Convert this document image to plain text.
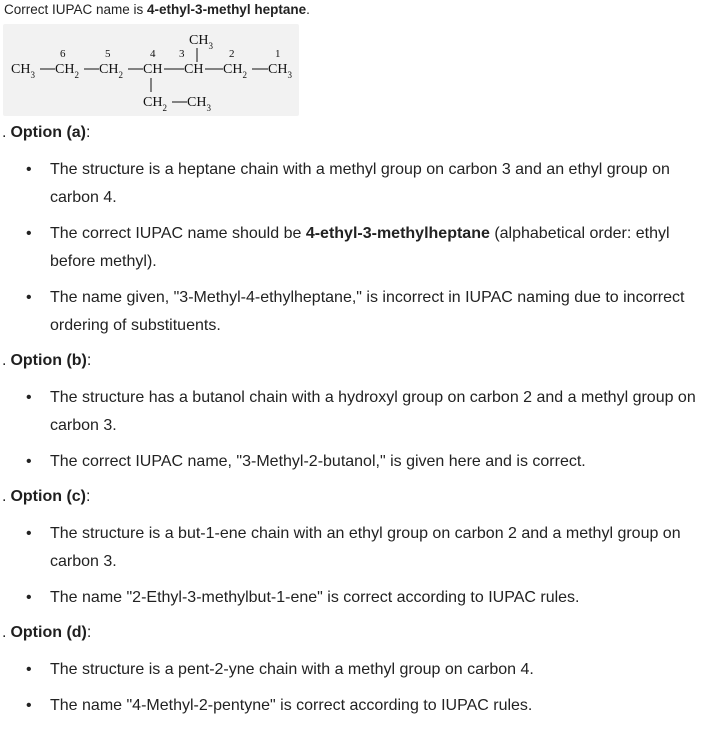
Correct IUPAC name is 4-ethyl-3-methyl heptane.
$CH_3$
6	5	4 3	2	1
$CH_3$ $CH_2$ $CH_2$ CH CH $CH_2$ $CH_3$
$CH_2$ $CH_3$
. Option (a):
• The structure is a heptane chain with a methyl group on carbon 3 and an ethyl group on carbon 4.
• The correct IUPAC name should be 4-ethyl-3-methylheptane (alphabetical order: ethyl before methyl).
• The name given, "3-Methyl-4-ethylheptane," is incorrect in IUPAC naming due to incorrect ordering of substituents.
. Option (b):
• The structure has a butanol chain with a hydroxyl group on carbon 2 and a methyl group on carbon 3.
• The correct IUPAC name, "3-Methyl-2-butanol," is given here and is correct.
. Option (c):
• The structure is a but-1-ene chain with an ethyl group on carbon 2 and a methyl group on carbon 3.
• The name "2-Ethyl-3-methylbut-1-ene" is correct according to IUPAC rules.
. Option (d):
• The structure is a pent-2-yne chain with a methyl group on carbon 4.
• The name "4-Methyl-2-pentyne" is correct according to IUPAC rules.
